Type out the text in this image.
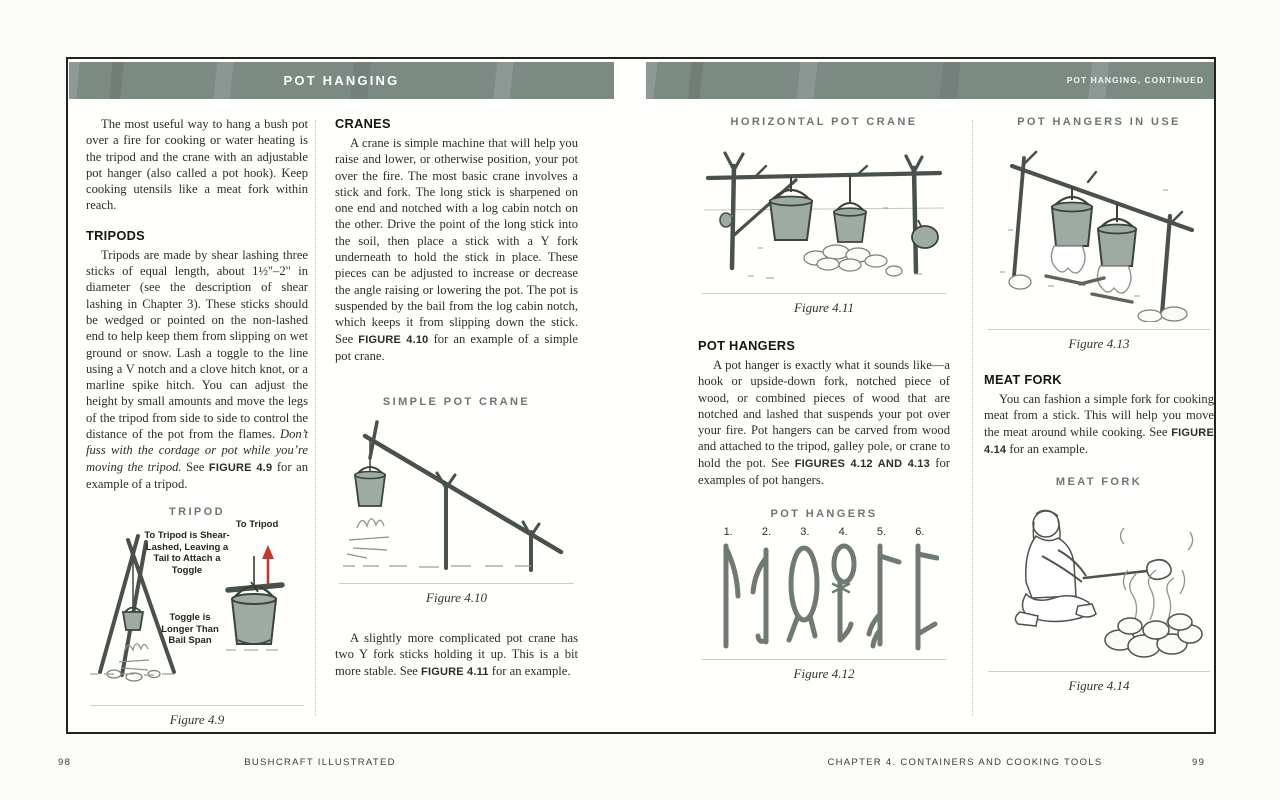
POT HANGING	POT HANGING, CONTINUED

The most useful way to hang a bush pot over a fire for cooking or water heating is the tripod and the crane with an adjustable pot hanger (also called a pot hook). Keep cooking utensils like a meat fork within reach.

TRIPODS

Tripods are made by shear lashing three sticks of equal length, about 1½"–2" in diameter (see the description of shear lashing in Chapter 3). These sticks should be wedged or pointed on the non-lashed end to help keep them from slipping on wet ground or snow. Lash a toggle to the line using a V notch and a clove hitch knot, or a marline spike hitch. You can adjust the height by small amounts and move the legs of the tripod from side to side to control the distance of the pot from the flames. Don’t fuss with the cordage or pot while you’re moving the tripod. See FIGURE 4.9 for an example of a tripod.

TRIPOD
To Tripod is Shear-Lashed, Leaving a Tail to Attach a Toggle
To Tripod
Toggle is Longer Than Bail Span
Figure 4.9
CRANES

A crane is simple machine that will help you raise and lower, or otherwise position, your pot over the fire. The most basic crane involves a stick and fork. The long stick is sharpened on one end and notched with a log cabin notch on the other. Drive the point of the long stick into the soil, then place a stick with a Y fork underneath to hold the stick in place. These pieces can be adjusted to increase or decrease the angle raising or lowering the pot. The pot is suspended by the bail from the log cabin notch, which keeps it from slipping down the stick. See FIGURE 4.10 for an example of a simple pot crane.

SIMPLE POT CRANE
Figure 4.10

A slightly more complicated pot crane has two Y fork sticks holding it up. This is a bit more stable. See FIGURE 4.11 for an example.

HORIZONTAL POT CRANE
Figure 4.11
POT HANGERS

A pot hanger is exactly what it sounds like—a hook or upside-down fork, notched piece of wood, or combined pieces of wood that are notched and lashed that suspends your pot over your fire. Pot hangers can be carved from wood and attached to the tripod, galley pole, or crane to hold the pot. See FIGURES 4.12 AND 4.13 for examples of pot hangers.

POT HANGERS
1.	2.	3.	4.	5.	6.
Figure 4.12
POT HANGERS IN USE
Figure 4.13
MEAT FORK

You can fashion a simple fork for cooking meat from a stick. This will help you move the meat around while cooking. See FIGURE 4.14 for an example.

MEAT FORK
Figure 4.14
98	BUSHCRAFT ILLUSTRATED	CHAPTER 4. CONTAINERS AND COOKING TOOLS	99
